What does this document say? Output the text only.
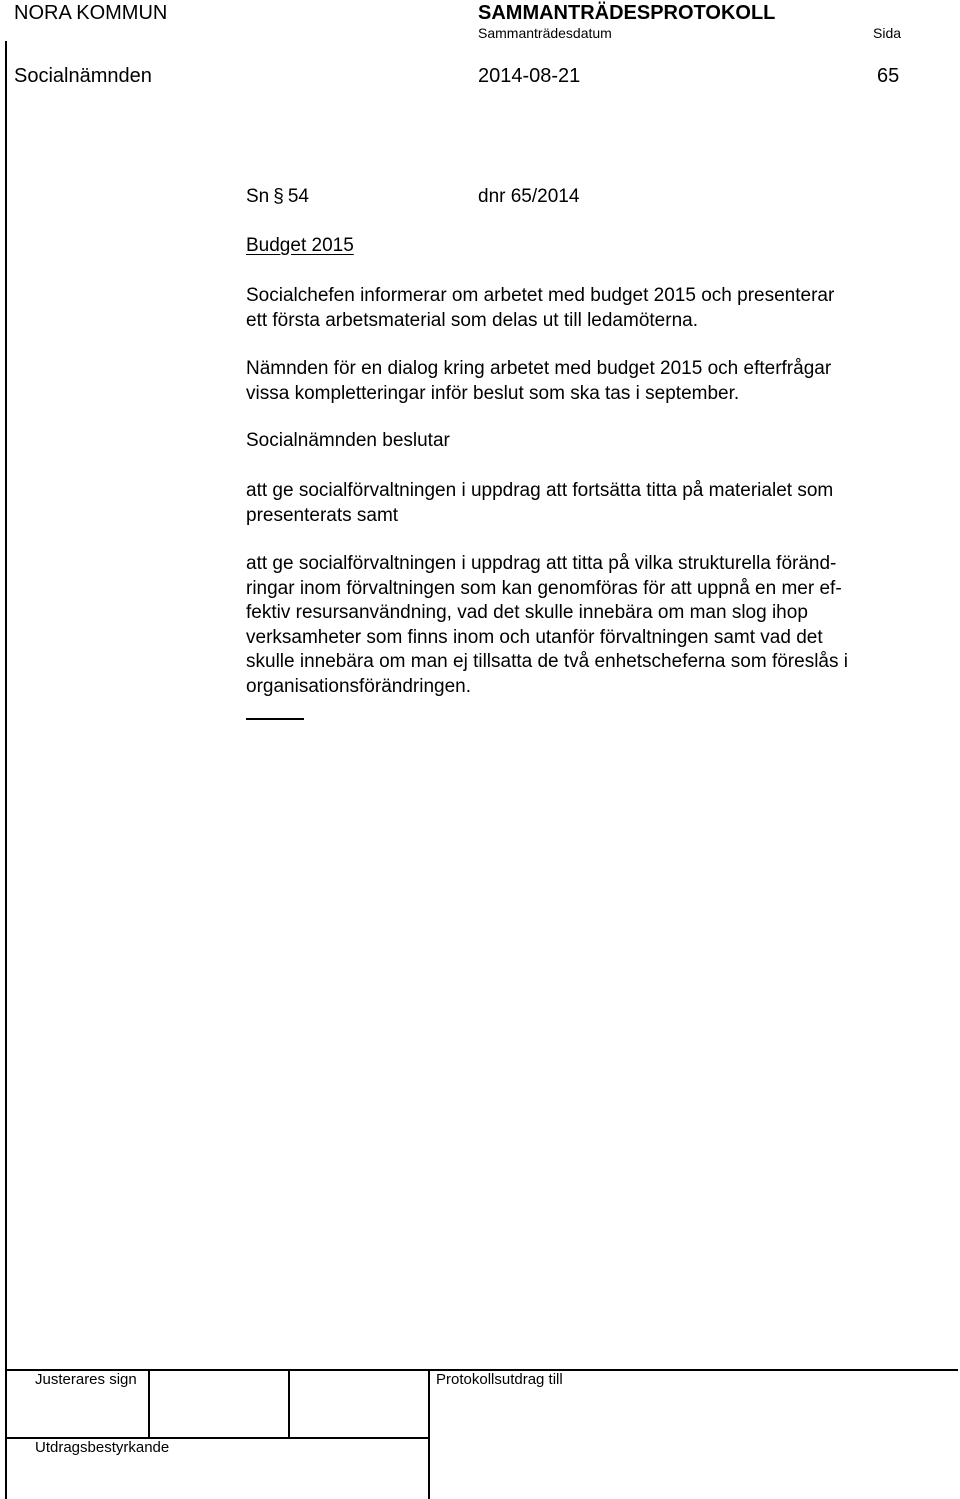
NORA KOMMUN	SAMMANTRÄDESPROTOKOLL
Sammanträdesdatum	Sida
Socialnämnden	2014-08-21	65
Sn § 54	dnr 65/2014
Budget 2015
Socialchefen informerar om arbetet med budget 2015 och presenterar
ett första arbetsmaterial som delas ut till ledamöterna.
Nämnden för en dialog kring arbetet med budget 2015 och efterfrågar
vissa kompletteringar inför beslut som ska tas i september.
Socialnämnden beslutar
att ge socialförvaltningen i uppdrag att fortsätta titta på materialet som
presenterats samt
att ge socialförvaltningen i uppdrag att titta på vilka strukturella föränd-
ringar inom förvaltningen som kan genomföras för att uppnå en mer ef-
fektiv resursanvändning, vad det skulle innebära om man slog ihop
verksamheter som finns inom och utanför förvaltningen samt vad det
skulle innebära om man ej tillsatta de två enhetscheferna som föreslås i
organisationsförändringen.
Justerares sign	Protokollsutdrag till
Utdragsbestyrkande
